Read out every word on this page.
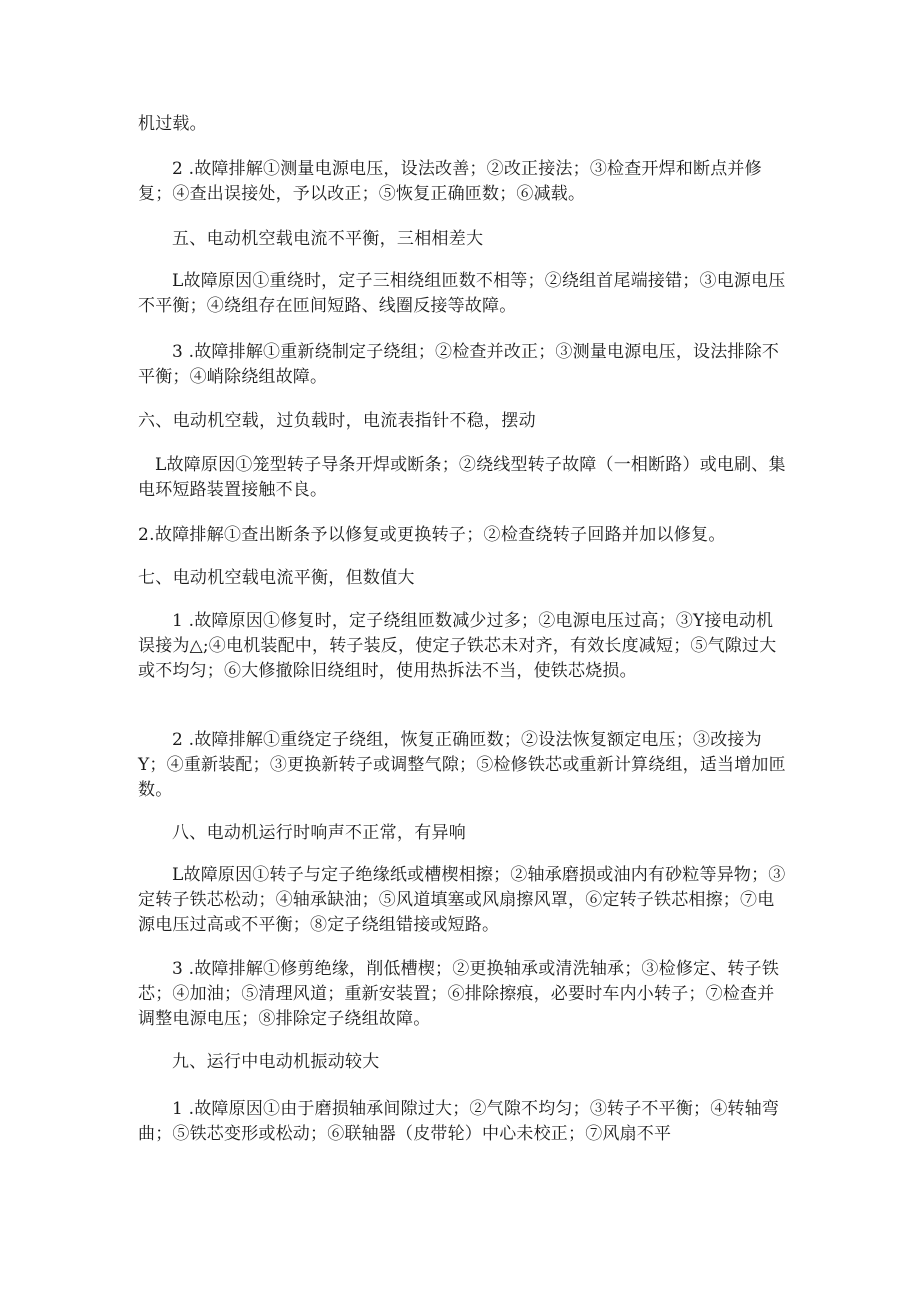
机过载。
2 .故障排解①测量电源电压，设法改善；②改正接法；③检查开焊和断点并修复；④查出误接处，予以改正；⑤恢复正确匝数；⑥减载。
五、电动机空载电流不平衡，三相相差大
L故障原因①重绕时，定子三相绕组匝数不相等；②绕组首尾端接错；③电源电压不平衡；④绕组存在匝间短路、线圈反接等故障。
3 .故障排解①重新绕制定子绕组；②检查并改正；③测量电源电压，设法排除不平衡；④峭除绕组故障。
六、电动机空载，过负载时，电流表指针不稳，摆动
L故障原因①笼型转子导条开焊或断条；②绕线型转子故障（一相断路）或电刷、集电环短路装置接触不良。
2.故障排解①查出断条予以修复或更换转子；②检查绕转子回路并加以修复。
七、电动机空载电流平衡，但数值大
1 .故障原因①修复时，定子绕组匝数减少过多；②电源电压过高；③Y接电动机误接为△;④电机装配中，转子装反，使定子铁芯未对齐，有效长度减短；⑤气隙过大或不均匀；⑥大修撤除旧绕组时，使用热拆法不当，使铁芯烧损。
2 .故障排解①重绕定子绕组，恢复正确匝数；②设法恢复额定电压；③改接为Y；④重新装配；③更换新转子或调整气隙；⑤检修铁芯或重新计算绕组，适当增加匝数。
八、电动机运行时响声不正常，有异响
L故障原因①转子与定子绝缘纸或槽楔相擦；②轴承磨损或油内有砂粒等异物；③定转子铁芯松动；④轴承缺油；⑤风道填塞或风扇擦风罩，⑥定转子铁芯相擦；⑦电源电压过高或不平衡；⑧定子绕组错接或短路。
3 .故障排解①修剪绝缘，削低槽楔；②更换轴承或清洗轴承；③检修定、转子铁芯；④加油；⑤清理风道；重新安装置；⑥排除擦痕，必要时车内小转子；⑦检查并调整电源电压；⑧排除定子绕组故障。
九、运行中电动机振动较大
1 .故障原因①由于磨损轴承间隙过大；②气隙不均匀；③转子不平衡；④转轴弯曲；⑤铁芯变形或松动；⑥联轴器（皮带轮）中心未校正；⑦风扇不平
